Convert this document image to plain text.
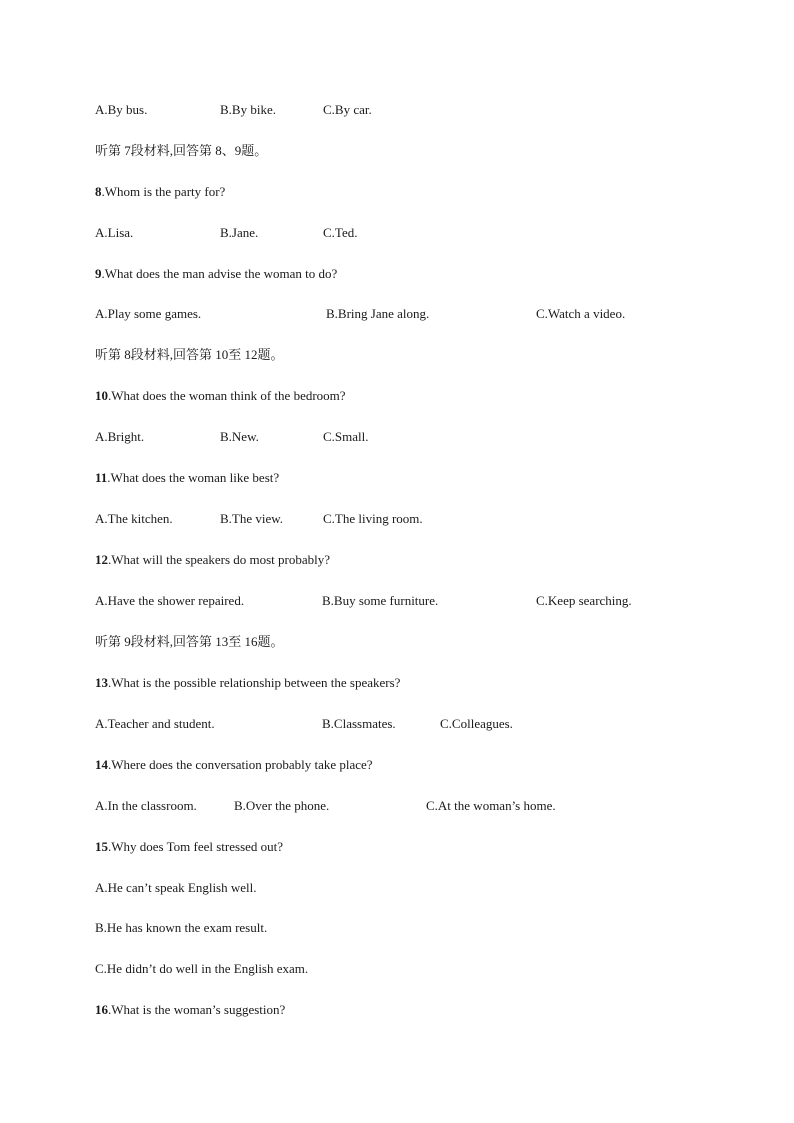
A.By bus.	B.By bike.	C.By car.
听第 7段材料,回答第 8、9题。
8.Whom is the party for?
A.Lisa.	B.Jane.	C.Ted.
9.What does the man advise the woman to do?
A.Play some games.	B.Bring Jane along.	C.Watch a video.
听第 8段材料,回答第 10至 12题。
10.What does the woman think of the bedroom?
A.Bright.	B.New.	C.Small.
11.What does the woman like best?
A.The kitchen.	B.The view.	C.The living room.
12.What will the speakers do most probably?
A.Have the shower repaired.	B.Buy some furniture.	C.Keep searching.
听第 9段材料,回答第 13至 16题。
13.What is the possible relationship between the speakers?
A.Teacher and student.	B.Classmates.	C.Colleagues.
14.Where does the conversation probably take place?
A.In the classroom.	B.Over the phone.	C.At the woman’s home.
15.Why does Tom feel stressed out?
A.He can’t speak English well.
B.He has known the exam result.
C.He didn’t do well in the English exam.
16.What is the woman’s suggestion?
